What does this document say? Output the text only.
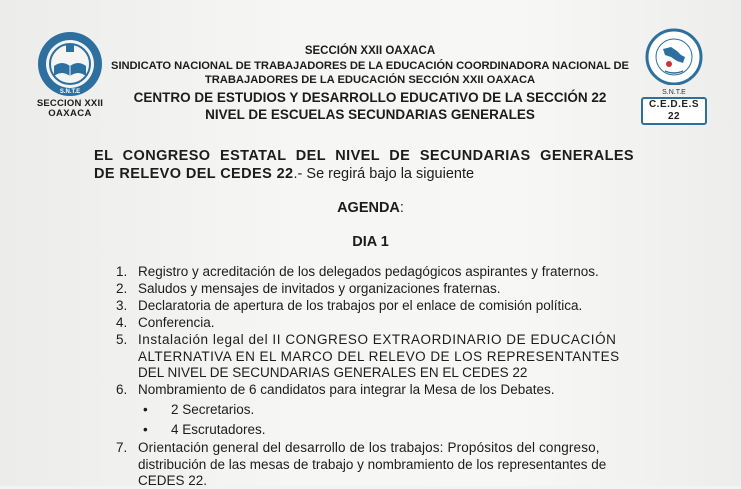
S.N.T.E
SECCION XXII
OAXACA
S.N.T.E
C.E.D.E.S 22
SECCIÓN XXII OAXACA
SINDICATO NACIONAL DE TRABAJADORES DE LA EDUCACIÓN COORDINADORA NACIONAL DE
TRABAJADORES DE LA EDUCACIÓN SECCIÓN XXII OAXACA
CENTRO DE ESTUDIOS Y DESARROLLO EDUCATIVO DE LA SECCIÓN 22
NIVEL DE ESCUELAS SECUNDARIAS GENERALES
EL CONGRESO ESTATAL DEL NIVEL DE SECUNDARIAS GENERALES
DE RELEVO DEL CEDES 22.- Se regirá bajo la siguiente
AGENDA:
DIA 1
1. Registro y acreditación de los delegados pedagógicos aspirantes y fraternos.
2. Saludos y mensajes de invitados y organizaciones fraternas.
3. Declaratoria de apertura de los trabajos por el enlace de comisión política.
4. Conferencia.
5. Instalación legal del II CONGRESO EXTRAORDINARIO DE EDUCACIÓN
ALTERNATIVA EN EL MARCO DEL RELEVO DE LOS REPRESENTANTES
DEL NIVEL DE SECUNDARIAS GENERALES EN EL CEDES 22
6. Nombramiento de 6 candidatos para integrar la Mesa de los Debates.
• 2 Secretarios.
• 4 Escrutadores.
7. Orientación general del desarrollo de los trabajos: Propósitos del congreso,
distribución de las mesas de trabajo y nombramiento de los representantes de
CEDES 22.
